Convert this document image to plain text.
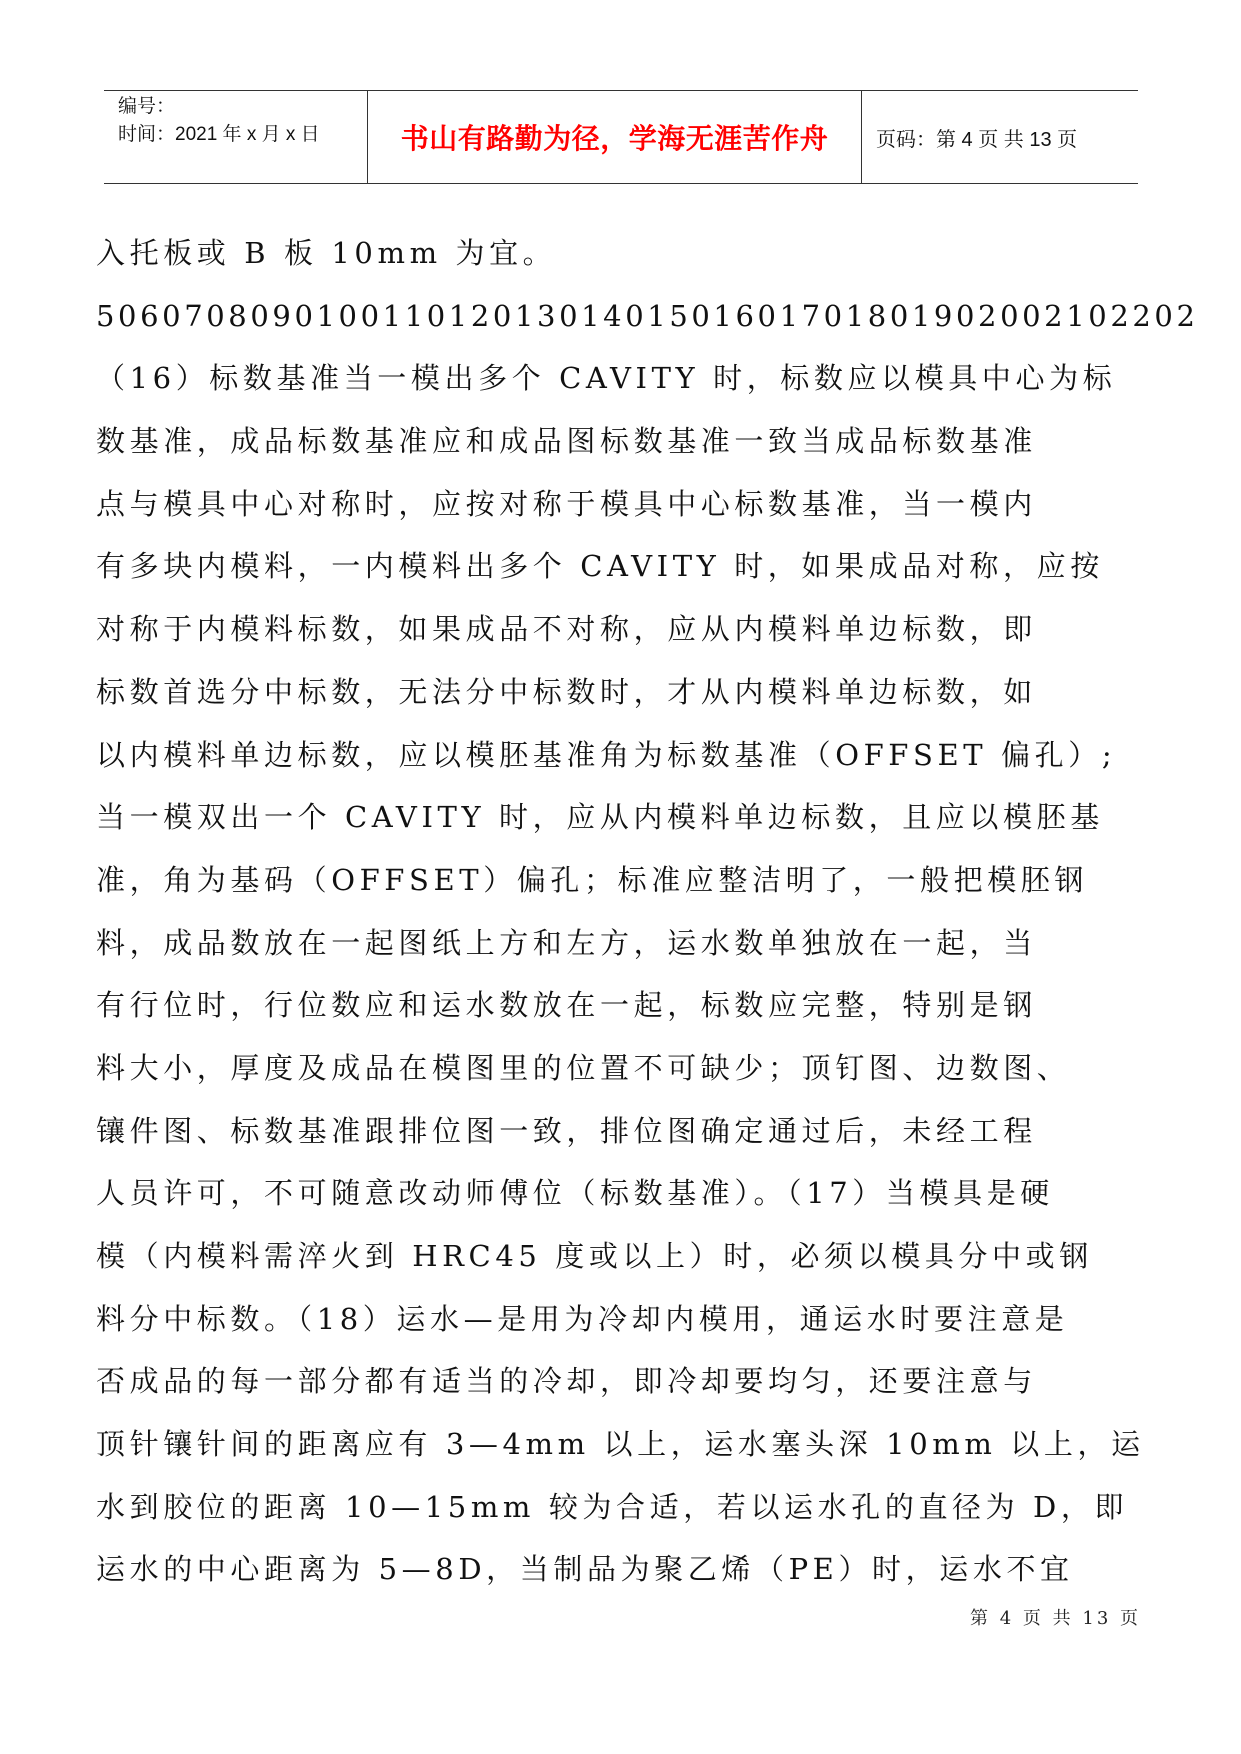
编号：
时间：2021 年 x 月 x 日	书山有路勤为径，学海无涯苦作舟 页码：第 4 页 共 13 页
入托板或 B 板 10mm 为宜。
50607080901001101201301401501601701801902002102202
（16）标数基准当一模出多个 CAVITY 时，标数应以模具中心为标
数基准，成品标数基准应和成品图标数基准一致当成品标数基准
点与模具中心对称时，应按对称于模具中心标数基准，当一模内
有多块内模料，一内模料出多个 CAVITY 时，如果成品对称，应按
对称于内模料标数，如果成品不对称，应从内模料单边标数，即
标数首选分中标数，无法分中标数时，才从内模料单边标数，如
以内模料单边标数，应以模胚基准角为标数基准（OFFSET 偏孔）;
当一模双出一个 CAVITY 时，应从内模料单边标数，且应以模胚基
准，角为基码（OFFSET）偏孔；标准应整洁明了，一般把模胚钢
料，成品数放在一起图纸上方和左方，运水数单独放在一起，当
有行位时，行位数应和运水数放在一起，标数应完整，特别是钢
料大小，厚度及成品在模图里的位置不可缺少；顶钉图、边数图、
镶件图、标数基准跟排位图一致，排位图确定通过后，未经工程
人员许可，不可随意改动师傅位（标数基准）。（17）当模具是硬
模（内模料需淬火到 HRC45 度或以上）时，必须以模具分中或钢
料分中标数。（18）运水—是用为冷却内模用，通运水时要注意是
否成品的每一部分都有适当的冷却，即冷却要均匀，还要注意与
顶针镶针间的距离应有 3—4mm 以上，运水塞头深 10mm 以上，运
水到胶位的距离 10—15mm 较为合适，若以运水孔的直径为 D，即
运水的中心距离为 5—8D，当制品为聚乙烯（PE）时，运水不宜
第 4 页 共 13 页
